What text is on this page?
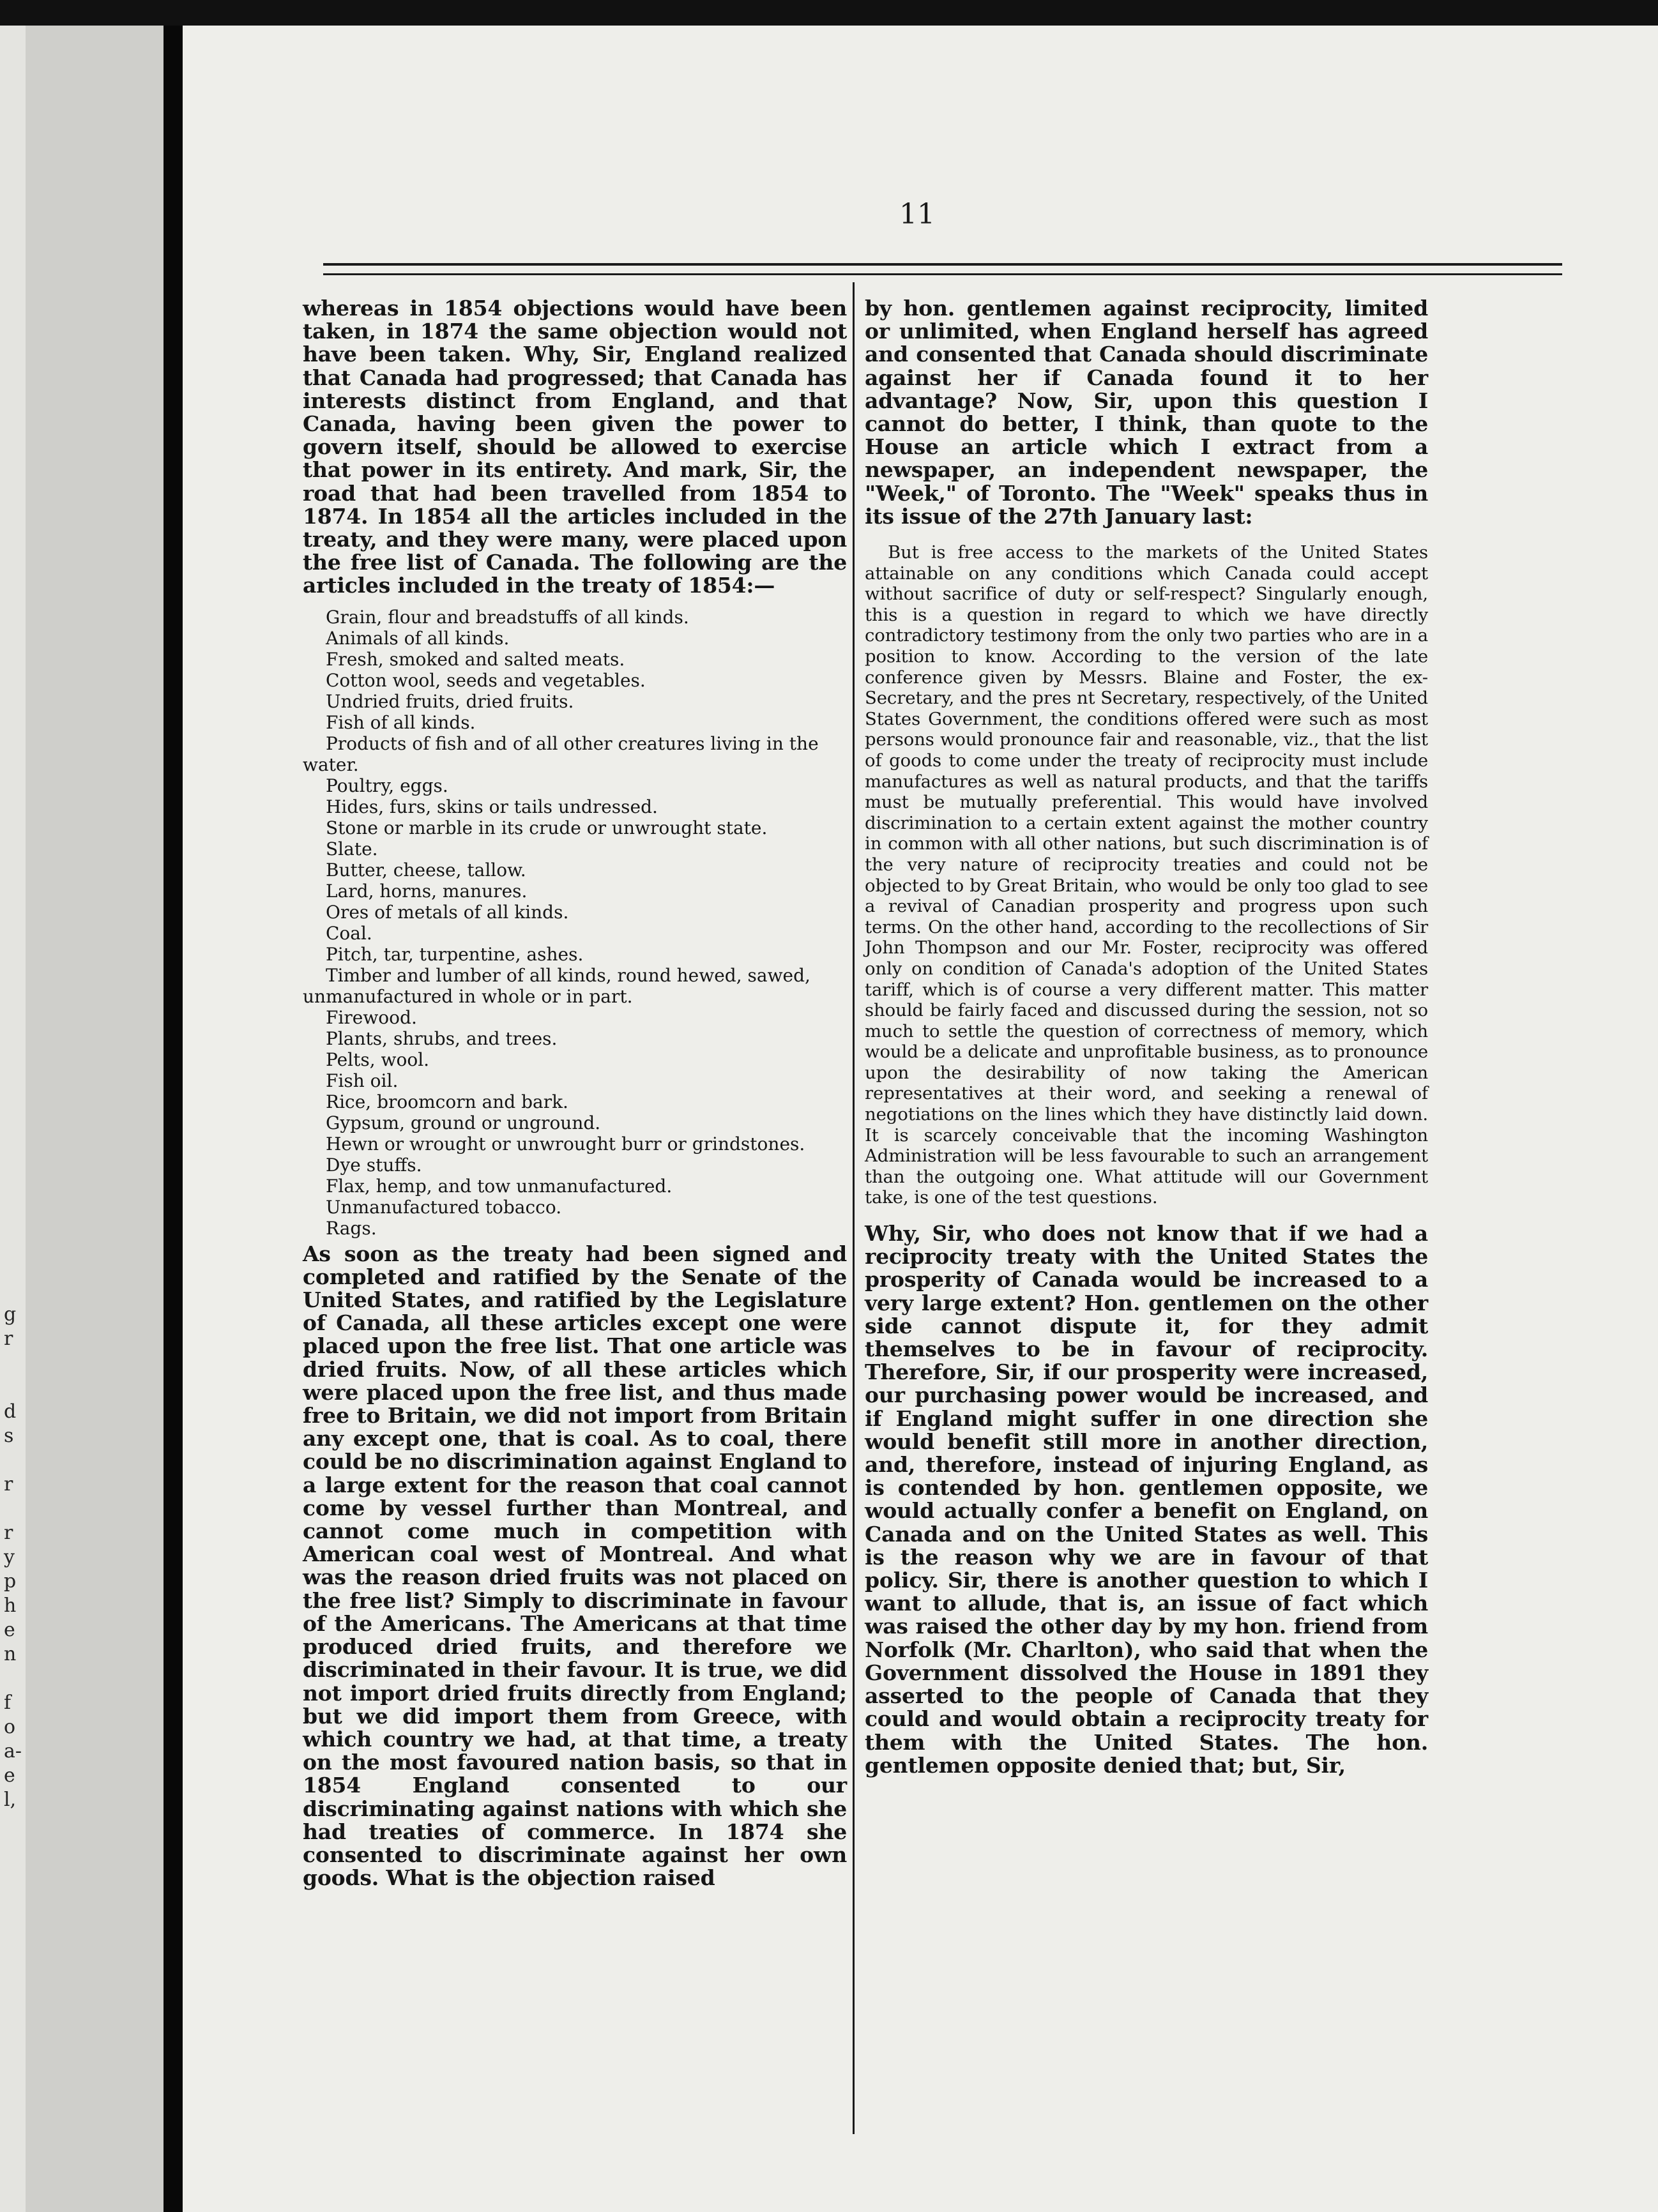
g
r

d
s

r

r
y
p
h
e
n

f
o
a-
e
l,
11

whereas in 1854 objections would have been taken, in 1874 the same objection would not have been taken. Why, Sir, England realized that Canada had progressed; that Canada has interests distinct from England, and that Canada, having been given the power to govern itself, should be allowed to exercise that power in its entirety. And mark, Sir, the road that had been travelled from 1854 to 1874. In 1854 all the articles included in the treaty, and they were many, were placed upon the free list of Canada. The following are the articles included in the treaty of 1854:—

Grain, flour and breadstuffs of all kinds.
Animals of all kinds.
Fresh, smoked and salted meats.
Cotton wool, seeds and vegetables.
Undried fruits, dried fruits.
Fish of all kinds.
Products of fish and of all other creatures living in the water.
Poultry, eggs.
Hides, furs, skins or tails undressed.
Stone or marble in its crude or unwrought state.
Slate.
Butter, cheese, tallow.
Lard, horns, manures.
Ores of metals of all kinds.
Coal.
Pitch, tar, turpentine, ashes.
Timber and lumber of all kinds, round hewed, sawed, unmanufactured in whole or in part.
Firewood.
Plants, shrubs, and trees.
Pelts, wool.
Fish oil.
Rice, broomcorn and bark.
Gypsum, ground or unground.
Hewn or wrought or unwrought burr or grindstones.
Dye stuffs.
Flax, hemp, and tow unmanufactured.
Unmanufactured tobacco.
Rags.

As soon as the treaty had been signed and completed and ratified by the Senate of the United States, and ratified by the Legislature of Canada, all these articles except one were placed upon the free list. That one article was dried fruits. Now, of all these articles which were placed upon the free list, and thus made free to Britain, we did not import from Britain any except one, that is coal. As to coal, there could be no discrimination against England to a large extent for the reason that coal cannot come by vessel further than Montreal, and cannot come much in competition with American coal west of Montreal. And what was the reason dried fruits was not placed on the free list? Simply to discriminate in favour of the Americans. The Americans at that time produced dried fruits, and therefore we discriminated in their favour. It is true, we did not import dried fruits directly from England; but we did import them from Greece, with which country we had, at that time, a treaty on the most favoured nation basis, so that in 1854 England consented to our discriminating against nations with which she had treaties of commerce. In 1874 she consented to discriminate against her own goods. What is the objection raised

by hon. gentlemen against reciprocity, limited or unlimited, when England herself has agreed and consented that Canada should discriminate against her if Canada found it to her advantage? Now, Sir, upon this question I cannot do better, I think, than quote to the House an article which I extract from a newspaper, an independent newspaper, the "Week," of Toronto. The "Week" speaks thus in its issue of the 27th January last:

But is free access to the markets of the United States attainable on any conditions which Canada could accept without sacrifice of duty or self-respect? Singularly enough, this is a question in regard to which we have directly contradictory testimony from the only two parties who are in a position to know. According to the version of the late conference given by Messrs. Blaine and Foster, the ex-Secretary, and the pres nt Secretary, respectively, of the United States Government, the conditions offered were such as most persons would pronounce fair and reasonable, viz., that the list of goods to come under the treaty of reciprocity must include manufactures as well as natural products, and that the tariffs must be mutually preferential. This would have involved discrimination to a certain extent against the mother country in common with all other nations, but such discrimination is of the very nature of reciprocity treaties and could not be objected to by Great Britain, who would be only too glad to see a revival of Canadian prosperity and progress upon such terms. On the other hand, according to the recollections of Sir John Thompson and our Mr. Foster, reciprocity was offered only on condition of Canada's adoption of the United States tariff, which is of course a very different matter. This matter should be fairly faced and discussed during the session, not so much to settle the question of correctness of memory, which would be a delicate and unprofitable business, as to pronounce upon the desirability of now taking the American representatives at their word, and seeking a renewal of negotiations on the lines which they have distinctly laid down. It is scarcely conceivable that the incoming Washington Administration will be less favourable to such an arrangement than the outgoing one. What attitude will our Government take, is one of the test questions.

Why, Sir, who does not know that if we had a reciprocity treaty with the United States the prosperity of Canada would be increased to a very large extent? Hon. gentlemen on the other side cannot dispute it, for they admit themselves to be in favour of reciprocity. Therefore, Sir, if our prosperity were increased, our purchasing power would be increased, and if England might suffer in one direction she would benefit still more in another direction, and, therefore, instead of injuring England, as is contended by hon. gentlemen opposite, we would actually confer a benefit on England, on Canada and on the United States as well. This is the reason why we are in favour of that policy. Sir, there is another question to which I want to allude, that is, an issue of fact which was raised the other day by my hon. friend from Norfolk (Mr. Charlton), who said that when the Government dissolved the House in 1891 they asserted to the people of Canada that they could and would obtain a reciprocity treaty for them with the United States. The hon. gentlemen opposite denied that; but, Sir,
